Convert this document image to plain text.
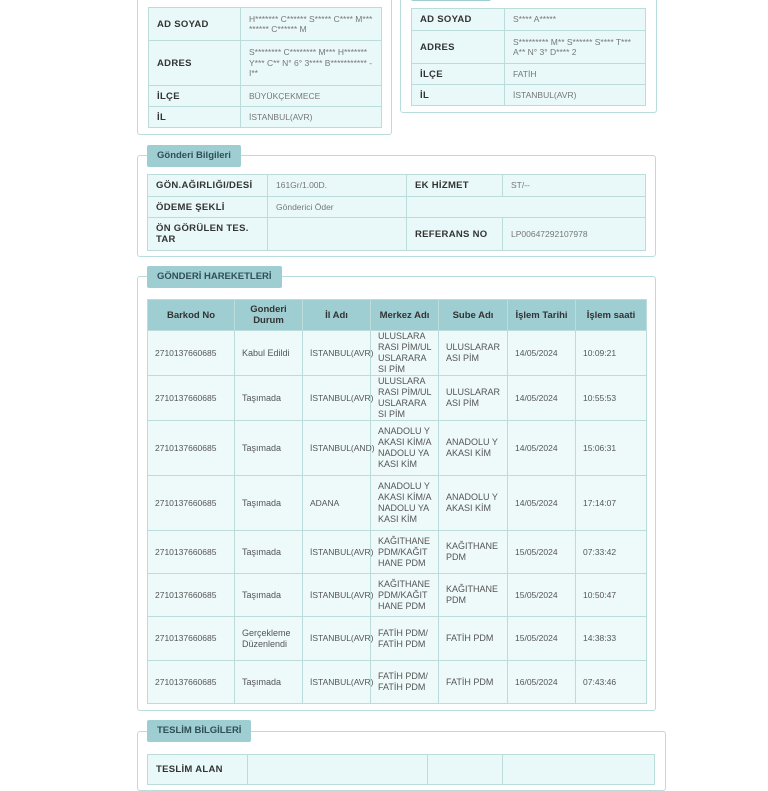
AD SOYAD	H******* C****** S***** C**** M********* C****** M
ADRES	S******** C******** M*** H******* Y*** C** N° 6° 3**** B*********** - I**
İLÇE	BÜYÜKÇEKMECE
İL	İSTANBUL(AVR)
AD SOYAD	S**** A*****
ADRES	S********* M** S****** S**** T*** A** N° 3° D**** 2
İLÇE	FATİH
İL	İSTANBUL(AVR)
Gönderi Bilgileri
GÖN.AĞIRLIĞI/DESİ	161Gr/1.00D.	EK HİZMET	ST/--
ÖDEME ŞEKLİ	Gönderici Öder		
ÖN GÖRÜLEN TES. TAR		REFERANS NO	LP00647292107978
GÖNDERİ HAREKETLERİ
Barkod No	Gonderi Durum	İl Adı	Merkez Adı	Sube Adı	İşlem Tarihi	İşlem saati
2710137660685	Kabul Edildi	İSTANBUL(AVR)	ULUSLARARASI PİM/ULUSLARARASI PİM	ULUSLARARASI PİM	14/05/2024	10:09:21
2710137660685	Taşımada	İSTANBUL(AVR)	ULUSLARARASI PİM/ULUSLARARASI PİM	ULUSLARARASI PİM	14/05/2024	10:55:53
2710137660685	Taşımada	İSTANBUL(AND)	ANADOLU YAKASI KİM/ANADOLU YAKASI KİM	ANADOLU YAKASI KİM	14/05/2024	15:06:31
2710137660685	Taşımada	ADANA	ANADOLU YAKASI KİM/ANADOLU YAKASI KİM	ANADOLU YAKASI KİM	14/05/2024	17:14:07
2710137660685	Taşımada	İSTANBUL(AVR)	KAĞITHANE PDM/KAĞITHANE PDM	KAĞITHANE PDM	15/05/2024	07:33:42
2710137660685	Taşımada	İSTANBUL(AVR)	KAĞITHANE PDM/KAĞITHANE PDM	KAĞITHANE PDM	15/05/2024	10:50:47
2710137660685	Gerçekleme Düzenlendi	İSTANBUL(AVR)	FATİH PDM/FATİH PDM	FATİH PDM	15/05/2024	14:38:33
2710137660685	Taşımada	İSTANBUL(AVR)	FATİH PDM/FATİH PDM	FATİH PDM	16/05/2024	07:43:46
TESLİM BİLGİLERİ
TESLİM ALAN			
